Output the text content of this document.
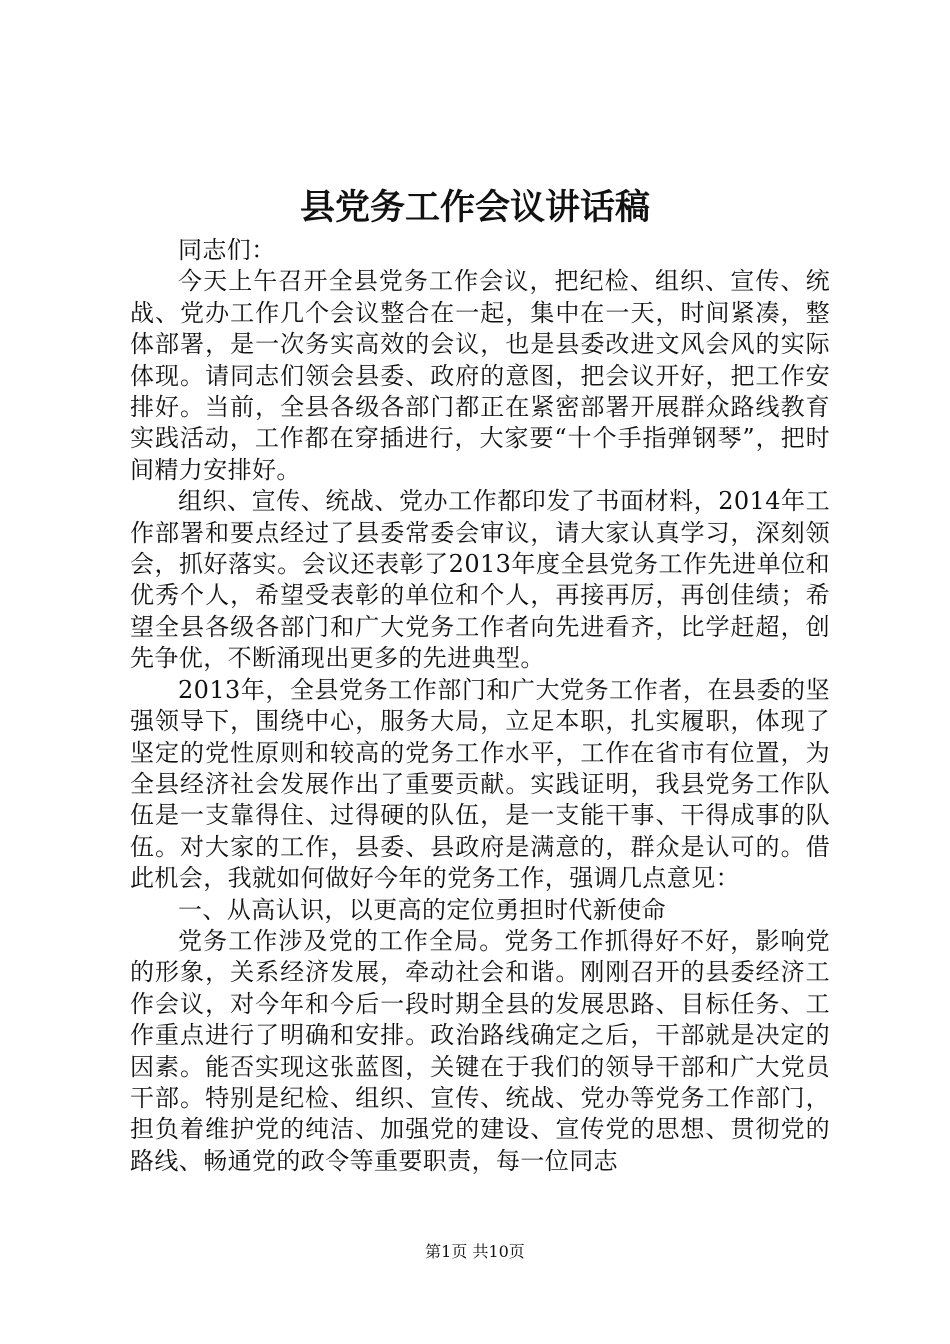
县党务工作会议讲话稿

同志们：

今天上午召开全县党务工作会议，把纪检、组织、宣传、统战、党办工作几个会议整合在一起，集中在一天，时间紧凑，整体部署，是一次务实高效的会议，也是县委改进文风会风的实际体现。请同志们领会县委、政府的意图，把会议开好，把工作安排好。当前，全县各级各部门都正在紧密部署开展群众路线教育实践活动，工作都在穿插进行，大家要“十个手指弹钢琴”，把时间精力安排好。

组织、宣传、统战、党办工作都印发了书面材料，2014年工作部署和要点经过了县委常委会审议，请大家认真学习，深刻领会，抓好落实。会议还表彰了2013年度全县党务工作先进单位和优秀个人，希望受表彰的单位和个人，再接再厉，再创佳绩；希望全县各级各部门和广大党务工作者向先进看齐，比学赶超，创先争优，不断涌现出更多的先进典型。

2013年，全县党务工作部门和广大党务工作者，在县委的坚强领导下，围绕中心，服务大局，立足本职，扎实履职，体现了坚定的党性原则和较高的党务工作水平，工作在省市有位置，为全县经济社会发展作出了重要贡献。实践证明，我县党务工作队伍是一支靠得住、过得硬的队伍，是一支能干事、干得成事的队伍。对大家的工作，县委、县政府是满意的，群众是认可的。借此机会，我就如何做好今年的党务工作，强调几点意见：

一、从高认识，以更高的定位勇担时代新使命

党务工作涉及党的工作全局。党务工作抓得好不好，影响党的形象，关系经济发展，牵动社会和谐。刚刚召开的县委经济工作会议，对今年和今后一段时期全县的发展思路、目标任务、工作重点进行了明确和安排。政治路线确定之后，干部就是决定的因素。能否实现这张蓝图，关键在于我们的领导干部和广大党员干部。特别是纪检、组织、宣传、统战、党办等党务工作部门，担负着维护党的纯洁、加强党的建设、宣传党的思想、贯彻党的路线、畅通党的政令等重要职责，每一位同志

第1页 共10页
